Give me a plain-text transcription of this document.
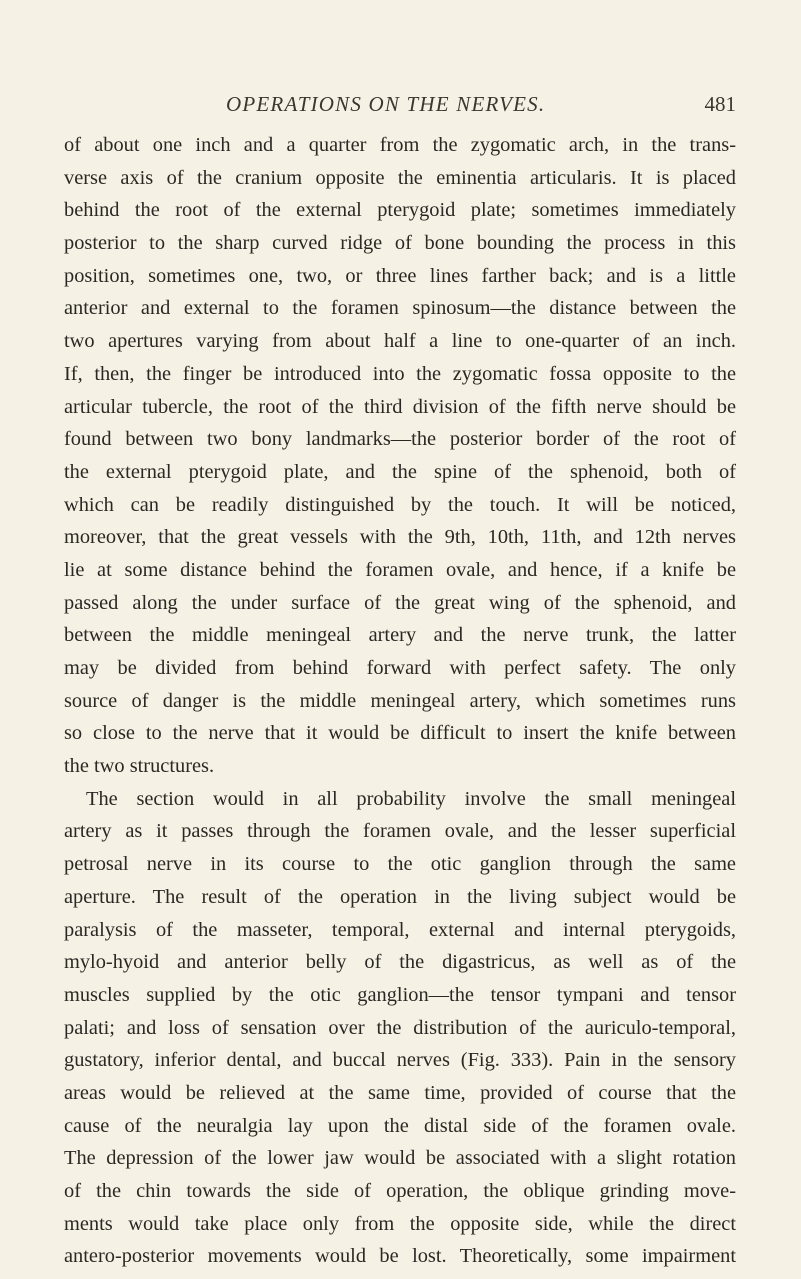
OPERATIONS ON THE NERVES.	481
of about one inch and a quarter from the zygomatic arch, in the trans-
verse axis of the cranium opposite the eminentia articularis. It is placed
behind the root of the external pterygoid plate; sometimes immediately
posterior to the sharp curved ridge of bone bounding the process in this
position, sometimes one, two, or three lines farther back; and is a little
anterior and external to the foramen spinosum—the distance between the
two apertures varying from about half a line to one-quarter of an inch.
If, then, the finger be introduced into the zygomatic fossa opposite to the
articular tubercle, the root of the third division of the fifth nerve should be
found between two bony landmarks—the posterior border of the root of
the external pterygoid plate, and the spine of the sphenoid, both of
which can be readily distinguished by the touch. It will be noticed,
moreover, that the great vessels with the 9th, 10th, 11th, and 12th nerves
lie at some distance behind the foramen ovale, and hence, if a knife be
passed along the under surface of the great wing of the sphenoid, and
between the middle meningeal artery and the nerve trunk, the latter
may be divided from behind forward with perfect safety. The only
source of danger is the middle meningeal artery, which sometimes runs
so close to the nerve that it would be difficult to insert the knife between
the two structures.
The section would in all probability involve the small meningeal
artery as it passes through the foramen ovale, and the lesser superficial
petrosal nerve in its course to the otic ganglion through the same
aperture. The result of the operation in the living subject would be
paralysis of the masseter, temporal, external and internal pterygoids,
mylo-hyoid and anterior belly of the digastricus, as well as of the
muscles supplied by the otic ganglion—the tensor tympani and tensor
palati; and loss of sensation over the distribution of the auriculo-temporal,
gustatory, inferior dental, and buccal nerves (Fig. 333). Pain in the sensory
areas would be relieved at the same time, provided of course that the
cause of the neuralgia lay upon the distal side of the foramen ovale.
The depression of the lower jaw would be associated with a slight rotation
of the chin towards the side of operation, the oblique grinding move-
ments would take place only from the opposite side, while the direct
antero-posterior movements would be lost. Theoretically, some impairment
